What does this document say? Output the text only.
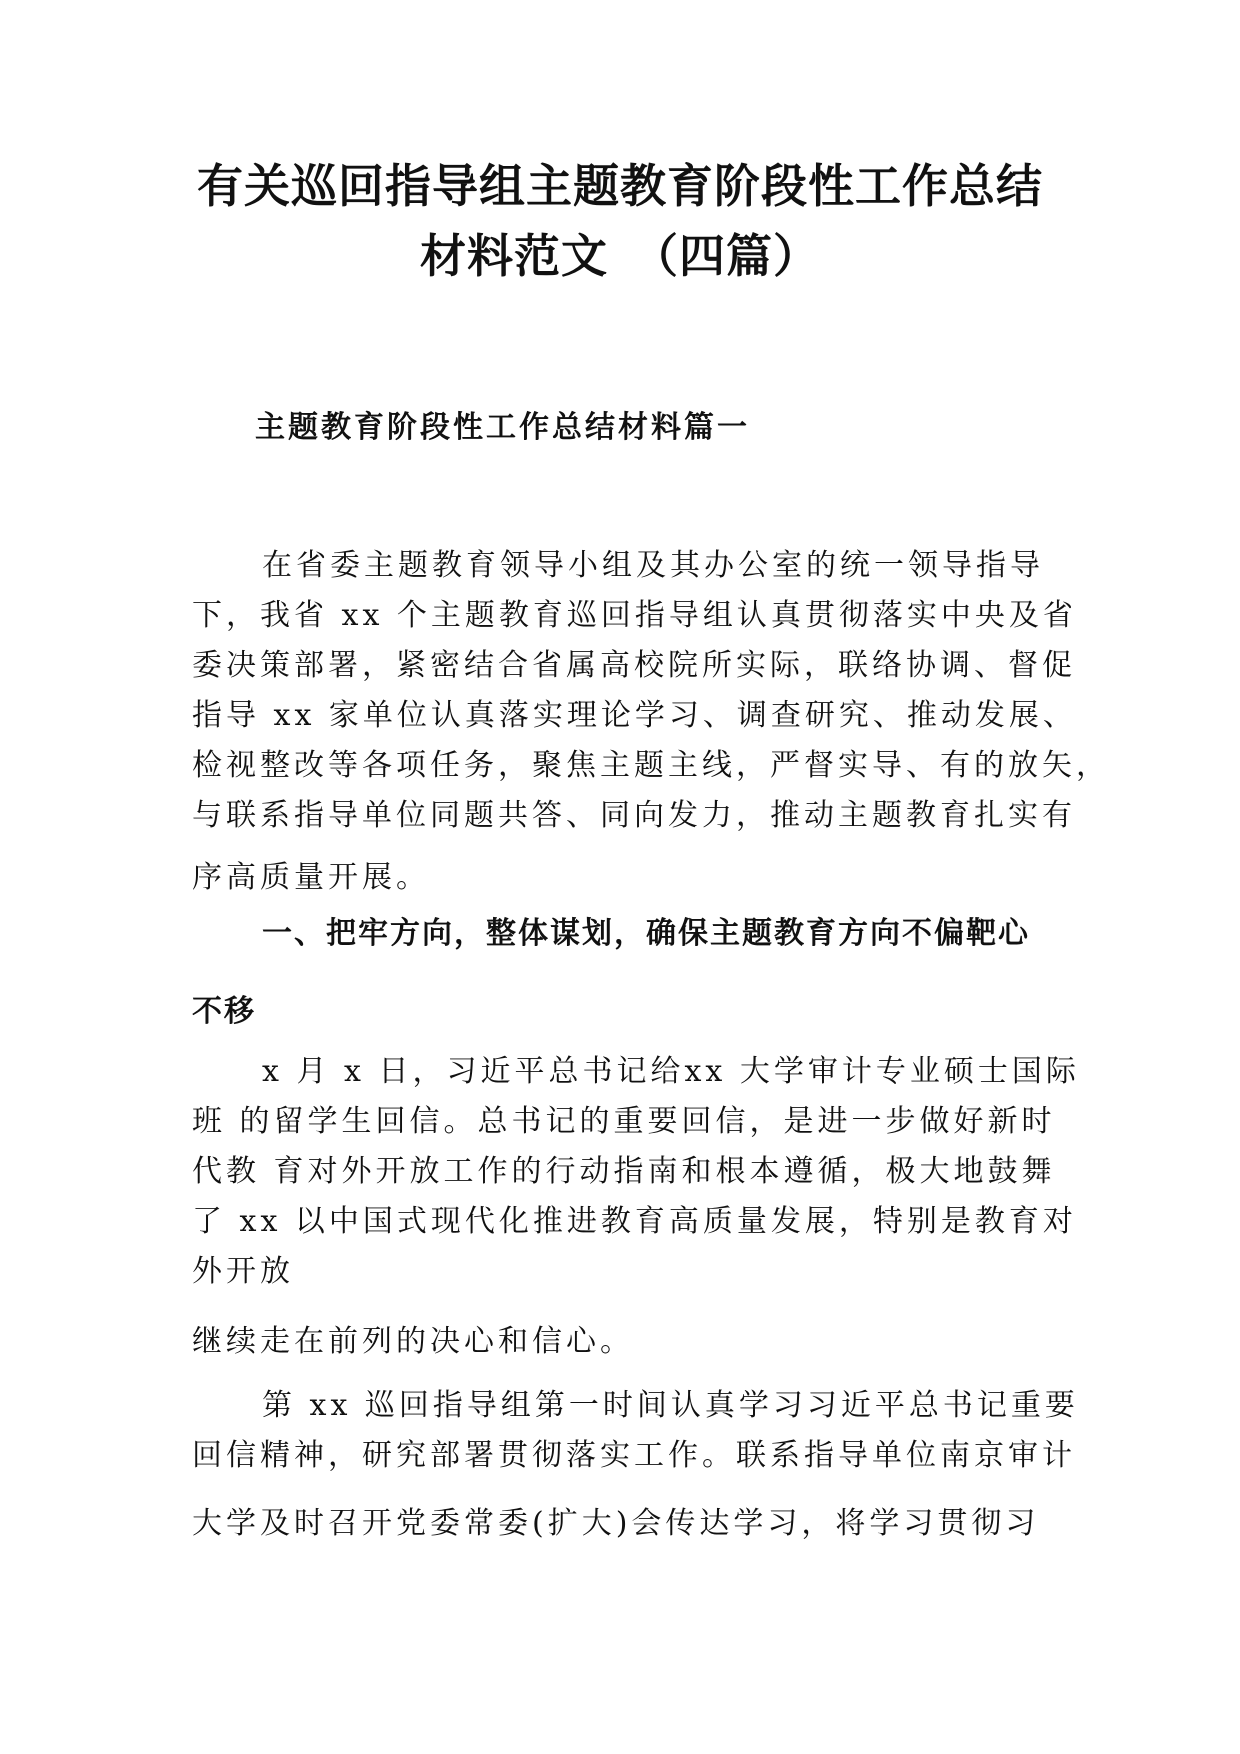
有关巡回指导组主题教育阶段性工作总结
材料范文　（四篇）
主题教育阶段性工作总结材料篇一

在省委主题教育领导小组及其办公室的统一领导指导

下，我省 xx 个主题教育巡回指导组认真贯彻落实中央及省

委决策部署，紧密结合省属高校院所实际，联络协调、督促

指导 xx 家单位认真落实理论学习、调查研究、推动发展、

检视整改等各项任务，聚焦主题主线，严督实导、有的放矢，

与联系指导单位同题共答、同向发力，推动主题教育扎实有

序高质量开展。

一、把牢方向，整体谋划，确保主题教育方向不偏靶心

不移

x 月 x 日，习近平总书记给xx 大学审计专业硕士国际

班 的留学生回信。总书记的重要回信，是进一步做好新时

代教 育对外开放工作的行动指南和根本遵循，极大地鼓舞

了 xx 以中国式现代化推进教育高质量发展，特别是教育对

外开放

继续走在前列的决心和信心。

第 xx 巡回指导组第一时间认真学习习近平总书记重要

回信精神，研究部署贯彻落实工作。联系指导单位南京审计

大学及时召开党委常委(扩大)会传达学习，将学习贯彻习
